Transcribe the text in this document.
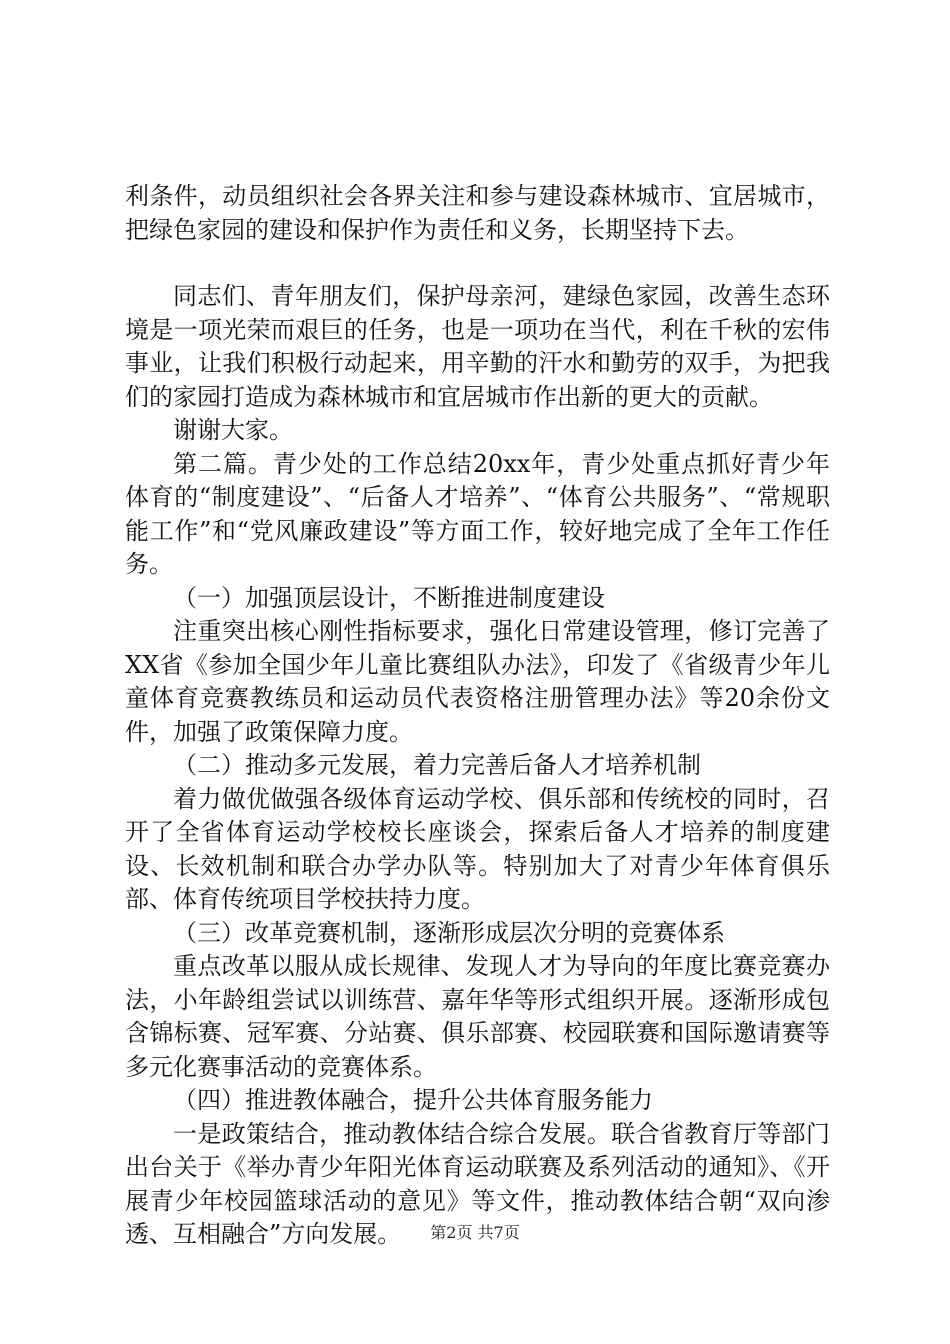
利条件，动员组织社会各界关注和参与建设森林城市、宜居城市，把绿色家园的建设和保护作为责任和义务，长期坚持下去。

同志们、青年朋友们，保护母亲河，建绿色家园，改善生态环境是一项光荣而艰巨的任务，也是一项功在当代，利在千秋的宏伟事业，让我们积极行动起来，用辛勤的汗水和勤劳的双手，为把我们的家园打造成为森林城市和宜居城市作出新的更大的贡献。

谢谢大家。

第二篇。青少处的工作总结20xx年，青少处重点抓好青少年体育的“制度建设”、“后备人才培养”、“体育公共服务”、“常规职能工作”和“党风廉政建设”等方面工作，较好地完成了全年工作任务。

（一）加强顶层设计，不断推进制度建设

注重突出核心刚性指标要求，强化日常建设管理，修订完善了XX省《参加全国少年儿童比赛组队办法》，印发了《省级青少年儿童体育竞赛教练员和运动员代表资格注册管理办法》等20余份文件，加强了政策保障力度。

（二）推动多元发展，着力完善后备人才培养机制

着力做优做强各级体育运动学校、俱乐部和传统校的同时，召开了全省体育运动学校校长座谈会，探索后备人才培养的制度建设、长效机制和联合办学办队等。特别加大了对青少年体育俱乐部、体育传统项目学校扶持力度。

（三）改革竞赛机制，逐渐形成层次分明的竞赛体系

重点改革以服从成长规律、发现人才为导向的年度比赛竞赛办法，小年龄组尝试以训练营、嘉年华等形式组织开展。逐渐形成包含锦标赛、冠军赛、分站赛、俱乐部赛、校园联赛和国际邀请赛等多元化赛事活动的竞赛体系。

（四）推进教体融合，提升公共体育服务能力

一是政策结合，推动教体结合综合发展。联合省教育厅等部门出台关于《举办青少年阳光体育运动联赛及系列活动的通知》、《开展青少年校园篮球活动的意见》等文件，推动教体结合朝“双向渗透、互相融合”方向发展。	第2页 共7页
